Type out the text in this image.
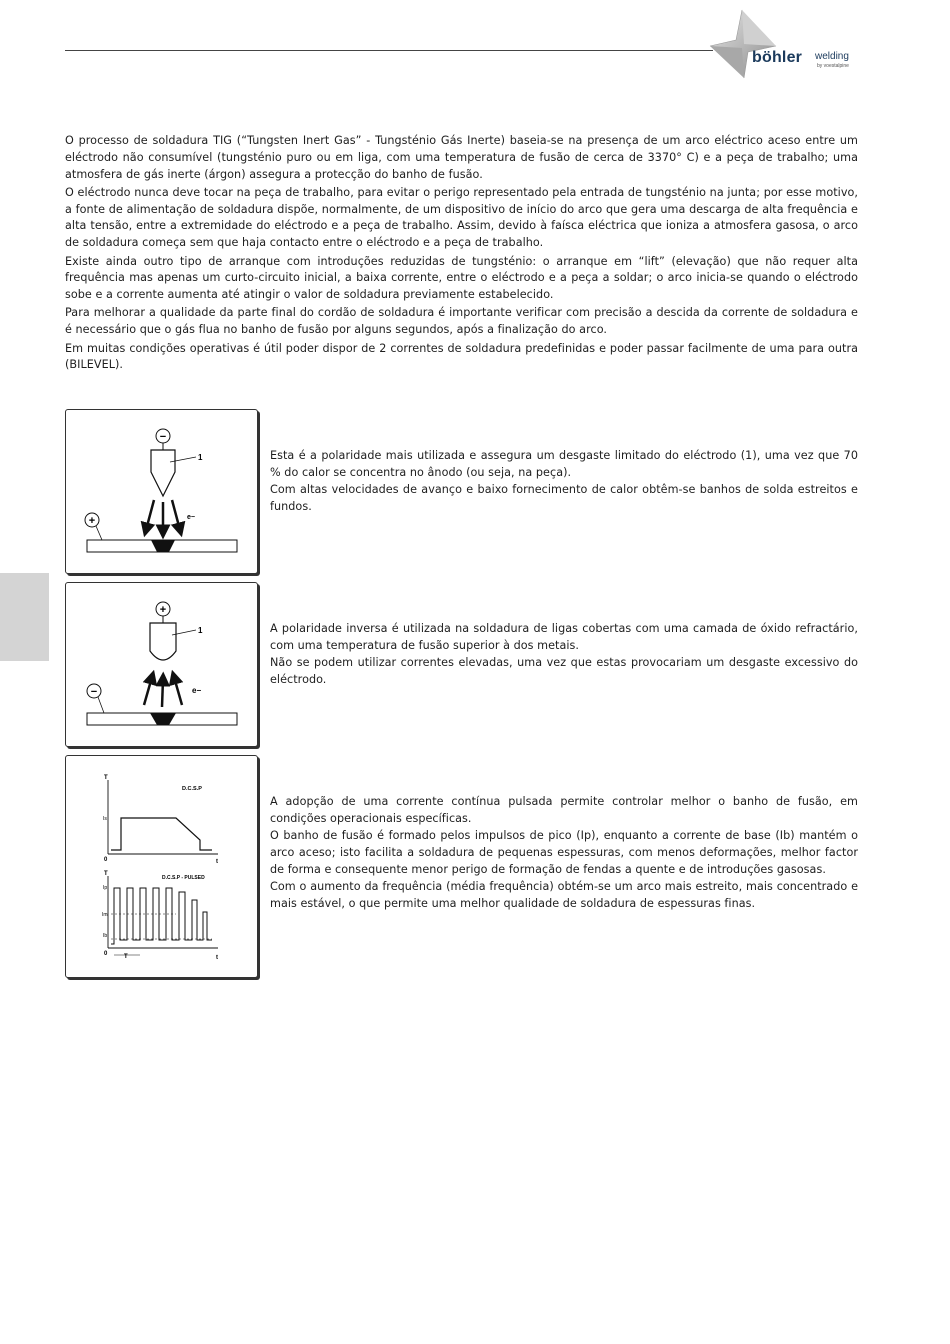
böhler welding
by voestalpine

O processo de soldadura TIG (“Tungsten Inert Gas” - Tungsténio Gás Inerte) baseia-se na presença de um arco eléctrico aceso entre um eléctrodo não consumível (tungsténio puro ou em liga, com uma temperatura de fusão de cerca de 3370° C) e a peça de trabalho; uma atmosfera de gás inerte (árgon) assegura a protecção do banho de fusão.

O eléctrodo nunca deve tocar na peça de trabalho, para evitar o perigo representado pela entrada de tungsténio na junta; por esse motivo, a fonte de alimentação de soldadura dispõe, normalmente, de um dispositivo de início do arco que gera uma descarga de alta frequência e alta tensão, entre a extremidade do eléctrodo e a peça de trabalho. Assim, devido à faísca eléctrica que ioniza a atmosfera gasosa, o arco de soldadura começa sem que haja contacto entre o eléctrodo e a peça de trabalho.

Existe ainda outro tipo de arranque com introduções reduzidas de tungsténio: o arranque em “lift” (elevação) que não requer alta frequência mas apenas um curto-circuito inicial, a baixa corrente, entre o eléctrodo e a peça a soldar; o arco inicia-se quando o eléctrodo sobe e a corrente aumenta até atingir o valor de soldadura previamente estabelecido.

Para melhorar a qualidade da parte final do cordão de soldadura é importante verificar com precisão a descida da corrente de soldadura e é necessário que o gás flua no banho de fusão por alguns segundos, após a finalização do arco.

Em muitas condições operativas é útil poder dispor de 2 correntes de soldadura predefinidas e poder passar facilmente de uma para outra (BILEVEL).

−
1
e−
+

Esta é a polaridade mais utilizada e assegura um desgaste limitado do eléctrodo (1), uma vez que 70 % do calor se concentra no ânodo (ou seja, na peça).

Com altas velocidades de avanço e baixo fornecimento de calor obtêm-se banhos de solda estreitos e fundos.

+
1
e−
−

A polaridade inversa é utilizada na soldadura de ligas cobertas com uma camada de óxido refractário, com uma temperatura de fusão superior à dos metais.

Não se podem utilizar correntes elevadas, uma vez que estas provocariam um desgaste excessivo do eléctrodo.

T
D.C.S.P
Is
0	t
T
D.C.S.P - PULSED
Ip
Im
Ib
0
t
T

A adopção de uma corrente contínua pulsada permite controlar melhor o banho de fusão, em condições operacionais específicas.

O banho de fusão é formado pelos impulsos de pico (Ip), enquanto a corrente de base (Ib) mantém o arco aceso; isto facilita a soldadura de pequenas espessuras, com menos deformações, melhor factor de forma e consequente menor perigo de formação de fendas a quente e de introduções gasosas.

Com o aumento da frequência (média frequência) obtém-se um arco mais estreito, mais concentrado e mais estável, o que permite uma melhor qualidade de soldadura de espessuras finas.
